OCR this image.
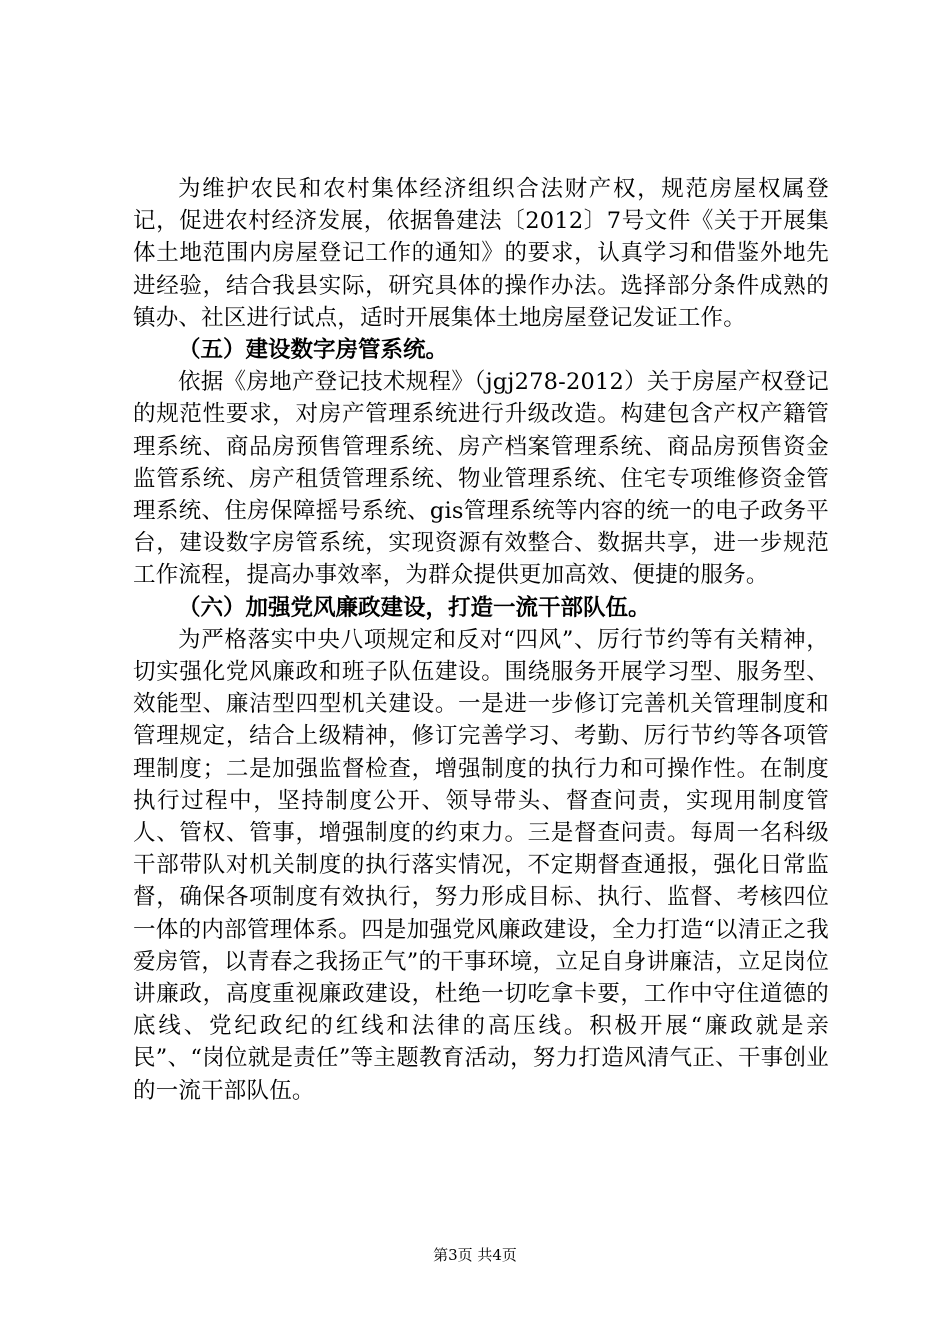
为维护农民和农村集体经济组织合法财产权，规范房屋权属登记，促进农村经济发展，依据鲁建法〔2012〕7号文件《关于开展集体土地范围内房屋登记工作的通知》的要求，认真学习和借鉴外地先进经验，结合我县实际，研究具体的操作办法。选择部分条件成熟的镇办、社区进行试点，适时开展集体土地房屋登记发证工作。

（五）建设数字房管系统。

依据《房地产登记技术规程》（jgj278-2012）关于房屋产权登记的规范性要求，对房产管理系统进行升级改造。构建包含产权产籍管理系统、商品房预售管理系统、房产档案管理系统、商品房预售资金监管系统、房产租赁管理系统、物业管理系统、住宅专项维修资金管理系统、住房保障摇号系统、gis管理系统等内容的统一的电子政务平台，建设数字房管系统，实现资源有效整合、数据共享，进一步规范工作流程，提高办事效率，为群众提供更加高效、便捷的服务。

（六）加强党风廉政建设，打造一流干部队伍。

为严格落实中央八项规定和反对“四风”、厉行节约等有关精神，切实强化党风廉政和班子队伍建设。围绕服务开展学习型、服务型、效能型、廉洁型四型机关建设。一是进一步修订完善机关管理制度和管理规定，结合上级精神，修订完善学习、考勤、厉行节约等各项管理制度；二是加强监督检查，增强制度的执行力和可操作性。在制度执行过程中，坚持制度公开、领导带头、督查问责，实现用制度管人、管权、管事，增强制度的约束力。三是督查问责。每周一名科级干部带队对机关制度的执行落实情况，不定期督查通报，强化日常监督，确保各项制度有效执行，努力形成目标、执行、监督、考核四位一体的内部管理体系。四是加强党风廉政建设，全力打造“以清正之我爱房管，以青春之我扬正气”的干事环境，立足自身讲廉洁，立足岗位讲廉政，高度重视廉政建设，杜绝一切吃拿卡要，工作中守住道德的底线、党纪政纪的红线和法律的高压线。积极开展“廉政就是亲民”、“岗位就是责任”等主题教育活动，努力打造风清气正、干事创业的一流干部队伍。

第3页 共4页
